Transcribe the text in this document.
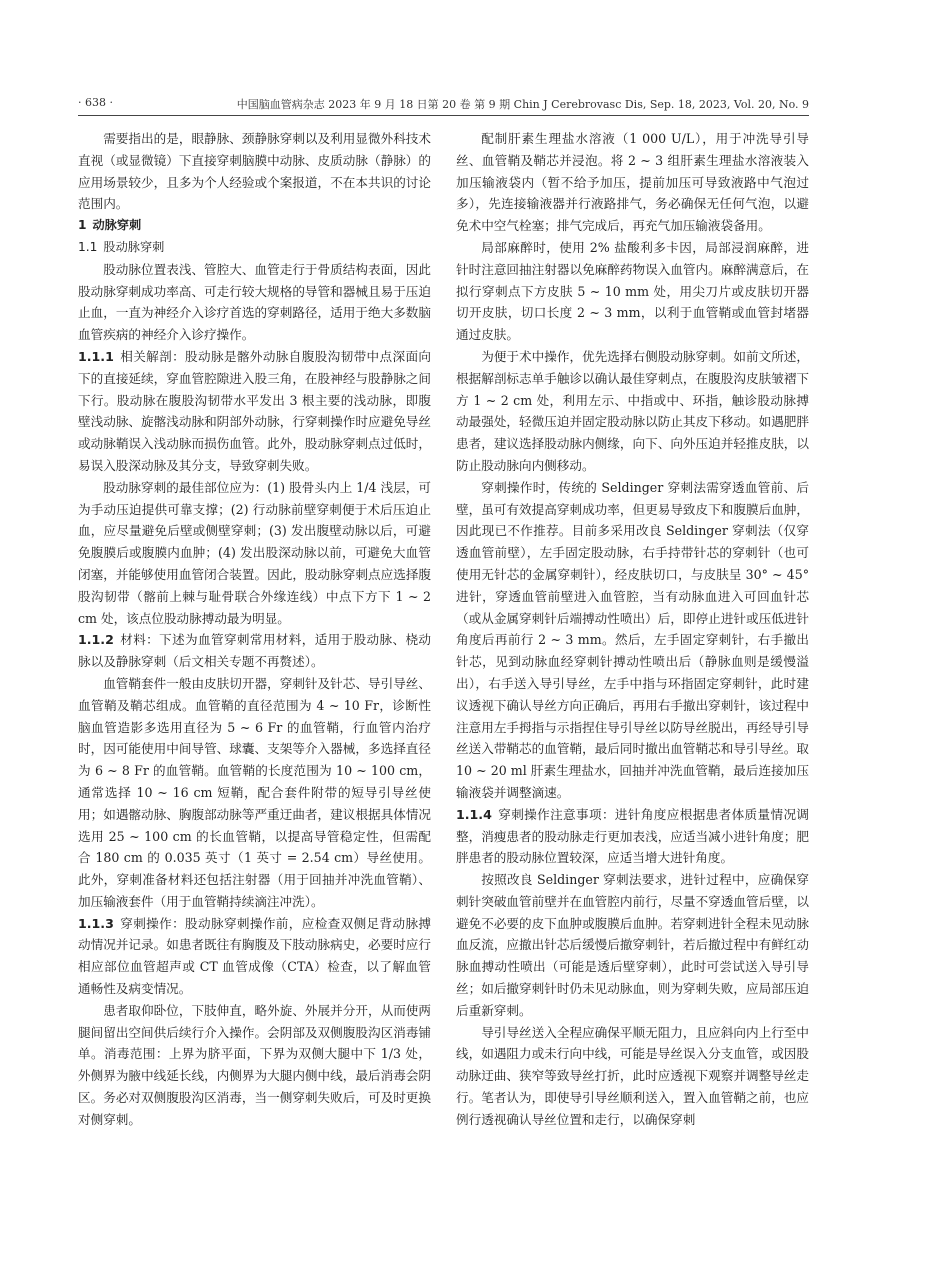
· 638 ·	中国脑血管病杂志 2023 年 9 月 18 日第 20 卷 第 9 期 Chin J Cerebrovasc Dis, Sep. 18, 2023, Vol. 20, No. 9

需要指出的是，眼静脉、颈静脉穿刺以及利用显微外科技术直视（或显微镜）下直接穿刺脑膜中动脉、皮质动脉（静脉）的应用场景较少，且多为个人经验或个案报道，不在本共识的讨论范围内。

1 动脉穿刺
1.1 股动脉穿刺

股动脉位置表浅、管腔大、血管走行于骨质结构表面，因此股动脉穿刺成功率高、可走行较大规格的导管和器械且易于压迫止血，一直为神经介入诊疗首选的穿刺路径，适用于绝大多数脑血管疾病的神经介入诊疗操作。

1.1.1 相关解剖：股动脉是髂外动脉自腹股沟韧带中点深面向下的直接延续，穿血管腔隙进入股三角，在股神经与股静脉之间下行。股动脉在腹股沟韧带水平发出 3 根主要的浅动脉，即腹壁浅动脉、旋髂浅动脉和阴部外动脉，行穿刺操作时应避免导丝或动脉鞘误入浅动脉而损伤血管。此外，股动脉穿刺点过低时，易误入股深动脉及其分支，导致穿刺失败。

股动脉穿刺的最佳部位应为：(1) 股骨头内上 1/4 浅层，可为手动压迫提供可靠支撑；(2) 行动脉前壁穿刺便于术后压迫止血，应尽量避免后壁或侧壁穿刺；(3) 发出腹壁动脉以后，可避免腹膜后或腹膜内血肿；(4) 发出股深动脉以前，可避免大血管闭塞，并能够使用血管闭合装置。因此，股动脉穿刺点应选择腹股沟韧带（髂前上棘与耻骨联合外缘连线）中点下方下 1 ~ 2 cm 处，该点位股动脉搏动最为明显。

1.1.2 材料：下述为血管穿刺常用材料，适用于股动脉、桡动脉以及静脉穿刺（后文相关专题不再赘述）。

血管鞘套件一般由皮肤切开器，穿刺针及针芯、导引导丝、血管鞘及鞘芯组成。血管鞘的直径范围为 4 ~ 10 Fr，诊断性脑血管造影多选用直径为 5 ~ 6 Fr 的血管鞘，行血管内治疗时，因可能使用中间导管、球囊、支架等介入器械，多选择直径为 6 ~ 8 Fr 的血管鞘。血管鞘的长度范围为 10 ~ 100 cm，通常选择 10 ~ 16 cm 短鞘，配合套件附带的短导引导丝使用；如遇髂动脉、胸腹部动脉等严重迂曲者，建议根据具体情况选用 25 ~ 100 cm 的长血管鞘，以提高导管稳定性，但需配合 180 cm 的 0.035 英寸（1 英寸 = 2.54 cm）导丝使用。此外，穿刺准备材料还包括注射器（用于回抽并冲洗血管鞘）、加压输液套件（用于血管鞘持续滴注冲洗）。

1.1.3 穿刺操作：股动脉穿刺操作前，应检查双侧足背动脉搏动情况并记录。如患者既往有胸腹及下肢动脉病史，必要时应行相应部位血管超声或 CT 血管成像（CTA）检查，以了解血管通畅性及病变情况。

患者取仰卧位，下肢伸直，略外旋、外展并分开，从而使两腿间留出空间供后续行介入操作。会阴部及双侧腹股沟区消毒铺单。消毒范围：上界为脐平面，下界为双侧大腿中下 1/3 处，外侧界为腋中线延长线，内侧界为大腿内侧中线，最后消毒会阴区。务必对双侧腹股沟区消毒，当一侧穿刺失败后，可及时更换对侧穿刺。

配制肝素生理盐水溶液（1 000 U/L），用于冲洗导引导丝、血管鞘及鞘芯并浸泡。将 2 ~ 3 组肝素生理盐水溶液装入加压输液袋内（暂不给予加压，提前加压可导致液路中气泡过多），先连接输液器并行液路排气，务必确保无任何气泡，以避免术中空气栓塞；排气完成后，再充气加压输液袋备用。

局部麻醉时，使用 2% 盐酸利多卡因，局部浸润麻醉，进针时注意回抽注射器以免麻醉药物误入血管内。麻醉满意后，在拟行穿刺点下方皮肤 5 ~ 10 mm 处，用尖刀片或皮肤切开器切开皮肤，切口长度 2 ~ 3 mm，以利于血管鞘或血管封堵器通过皮肤。

为便于术中操作，优先选择右侧股动脉穿刺。如前文所述，根据解剖标志单手触诊以确认最佳穿刺点，在腹股沟皮肤皱褶下方 1 ~ 2 cm 处，利用左示、中指或中、环指，触诊股动脉搏动最强处，轻微压迫并固定股动脉以防止其皮下移动。如遇肥胖患者，建议选择股动脉内侧缘，向下、向外压迫并轻推皮肤，以防止股动脉向内侧移动。

穿刺操作时，传统的 Seldinger 穿刺法需穿透血管前、后壁，虽可有效提高穿刺成功率，但更易导致皮下和腹膜后血肿，因此现已不作推荐。目前多采用改良 Seldinger 穿刺法（仅穿透血管前壁），左手固定股动脉，右手持带针芯的穿刺针（也可使用无针芯的金属穿刺针），经皮肤切口，与皮肤呈 30° ~ 45° 进针，穿透血管前壁进入血管腔，当有动脉血进入可回血针芯（或从金属穿刺针后端搏动性喷出）后，即停止进针或压低进针角度后再前行 2 ~ 3 mm。然后，左手固定穿刺针，右手撤出针芯，见到动脉血经穿刺针搏动性喷出后（静脉血则是缓慢溢出），右手送入导引导丝，左手中指与环指固定穿刺针，此时建议透视下确认导丝方向正确后，再用右手撤出穿刺针，该过程中注意用左手拇指与示指捏住导引导丝以防导丝脱出，再经导引导丝送入带鞘芯的血管鞘，最后同时撤出血管鞘芯和导引导丝。取 10 ~ 20 ml 肝素生理盐水，回抽并冲洗血管鞘，最后连接加压输液袋并调整滴速。

1.1.4 穿刺操作注意事项：进针角度应根据患者体质量情况调整，消瘦患者的股动脉走行更加表浅，应适当减小进针角度；肥胖患者的股动脉位置较深，应适当增大进针角度。

按照改良 Seldinger 穿刺法要求，进针过程中，应确保穿刺针突破血管前壁并在血管腔内前行，尽量不穿透血管后壁，以避免不必要的皮下血肿或腹膜后血肿。若穿刺进针全程未见动脉血反流，应撤出针芯后缓慢后撤穿刺针，若后撤过程中有鲜红动脉血搏动性喷出（可能是透后壁穿刺），此时可尝试送入导引导丝；如后撤穿刺针时仍未见动脉血，则为穿刺失败，应局部压迫后重新穿刺。

导引导丝送入全程应确保平顺无阻力，且应斜向内上行至中线，如遇阻力或未行向中线，可能是导丝误入分支血管，或因股动脉迂曲、狭窄等致导丝打折，此时应透视下观察并调整导丝走行。笔者认为，即使导引导丝顺利送入，置入血管鞘之前，也应例行透视确认导丝位置和走行，以确保穿刺
